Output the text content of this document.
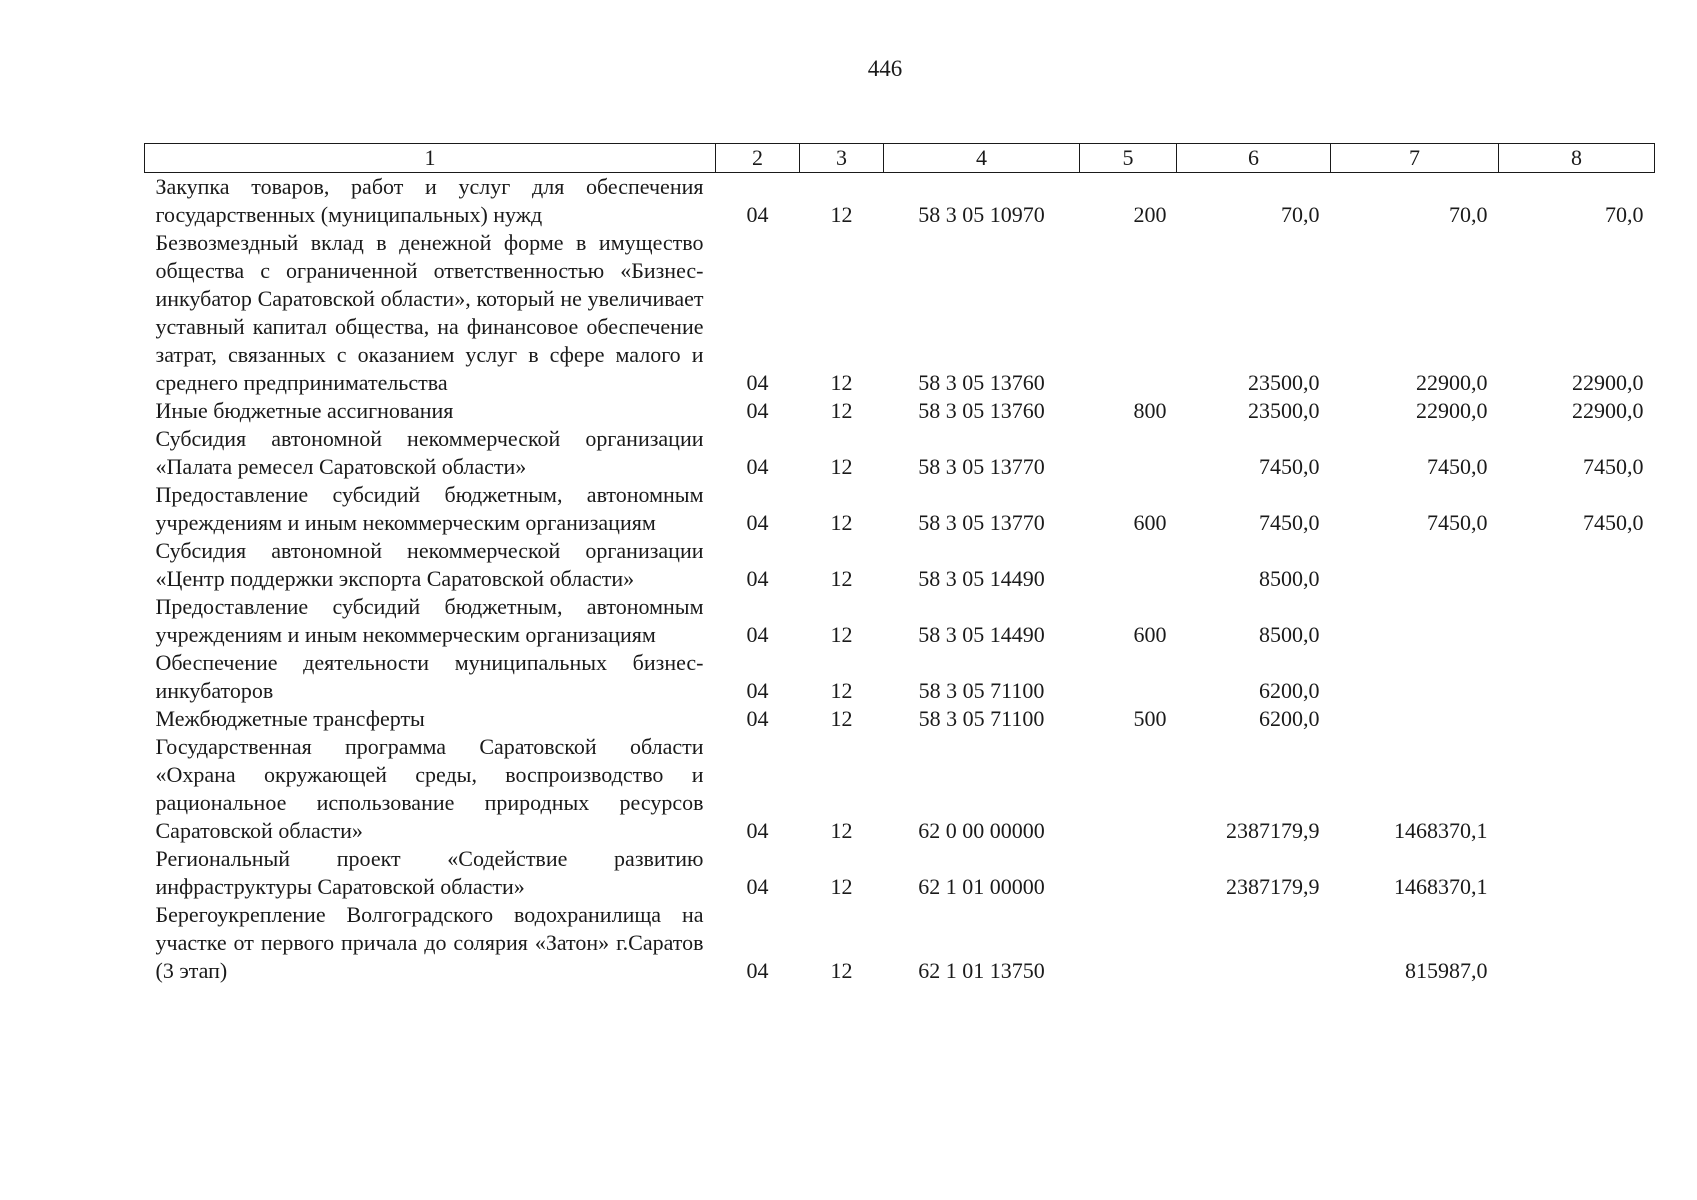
446
1	2	3	4	5	6	7	8
Закупка товаров, работ и услуг для обеспечения государственных (муниципальных) нужд	04	12	58 3 05 10970	200	70,0	70,0	70,0
Безвозмездный вклад в денежной форме в имущество общества с ограниченной ответственностью «Бизнес-инкубатор Саратовской области», который не увеличивает уставный капитал общества, на финансовое обеспечение затрат, связанных с оказанием услуг в сфере малого и среднего предпринимательства	04	12	58 3 05 13760		23500,0	22900,0	22900,0
Иные бюджетные ассигнования	04	12	58 3 05 13760	800	23500,0	22900,0	22900,0
Субсидия автономной некоммерческой организации «Палата ремесел Саратовской области»	04	12	58 3 05 13770		7450,0	7450,0	7450,0
Предоставление субсидий бюджетным, автономным учреждениям и иным некоммерческим организациям	04	12	58 3 05 13770	600	7450,0	7450,0	7450,0
Субсидия автономной некоммерческой организации «Центр поддержки экспорта Саратовской области»	04	12	58 3 05 14490		8500,0		
Предоставление субсидий бюджетным, автономным учреждениям и иным некоммерческим организациям	04	12	58 3 05 14490	600	8500,0		
Обеспечение деятельности муниципальных бизнес-инкубаторов	04	12	58 3 05 71100		6200,0		
Межбюджетные трансферты	04	12	58 3 05 71100	500	6200,0		
Государственная программа Саратовской области «Охрана окружающей среды, воспроизводство и рациональное использование природных ресурсов Саратовской области»	04	12	62 0 00 00000		2387179,9	1468370,1	
Региональный проект «Содействие развитию инфраструктуры Саратовской области»	04	12	62 1 01 00000		2387179,9	1468370,1	
Берегоукрепление Волгоградского водохранилища на участке от первого причала до солярия «Затон» г.Саратов (3 этап)	04	12	62 1 01 13750			815987,0	
